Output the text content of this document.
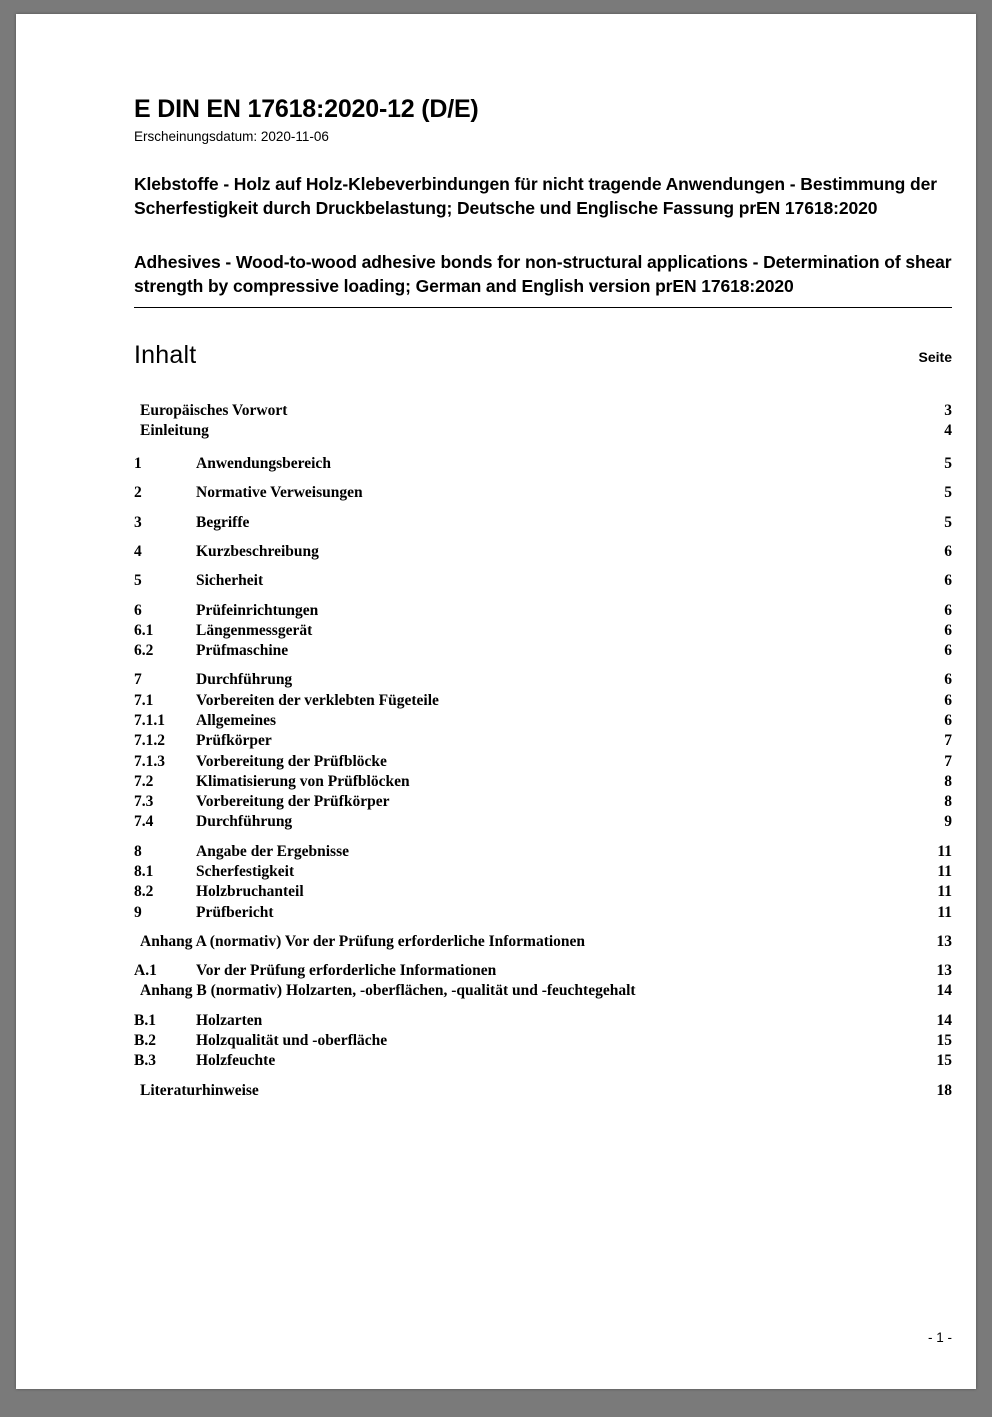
E DIN EN 17618:2020-12 (D/E)
Erscheinungsdatum: 2020-11-06
Klebstoffe - Holz auf Holz-Klebeverbindungen für nicht tragende Anwendungen - Bestimmung der Scherfestigkeit durch Druckbelastung; Deutsche und Englische Fassung prEN 17618:2020
Adhesives - Wood-to-wood adhesive bonds for non-structural applications - Determination of shear strength by compressive loading; German and English version prEN 17618:2020
Inhalt	Seite
Europäisches Vorwort	3
Einleitung	4
1	Anwendungsbereich	5
2	Normative Verweisungen	5
3	Begriffe	5
4	Kurzbeschreibung	6
5	Sicherheit	6
6	Prüfeinrichtungen	6
6.1	Längenmessgerät	6
6.2	Prüfmaschine	6
7	Durchführung	6
7.1	Vorbereiten der verklebten Fügeteile	6
7.1.1	Allgemeines	6
7.1.2	Prüfkörper	7
7.1.3	Vorbereitung der Prüfblöcke	7
7.2	Klimatisierung von Prüfblöcken	8
7.3	Vorbereitung der Prüfkörper	8
7.4	Durchführung	9
8	Angabe der Ergebnisse	11
8.1	Scherfestigkeit	11
8.2	Holzbruchanteil	11
9	Prüfbericht	11
Anhang A (normativ) Vor der Prüfung erforderliche Informationen	13
A.1	Vor der Prüfung erforderliche Informationen	13
Anhang B (normativ) Holzarten, -oberflächen, -qualität und -feuchtegehalt	14
B.1	Holzarten	14
B.2	Holzqualität und -oberfläche	15
B.3	Holzfeuchte	15
Literaturhinweise	18
- 1 -
